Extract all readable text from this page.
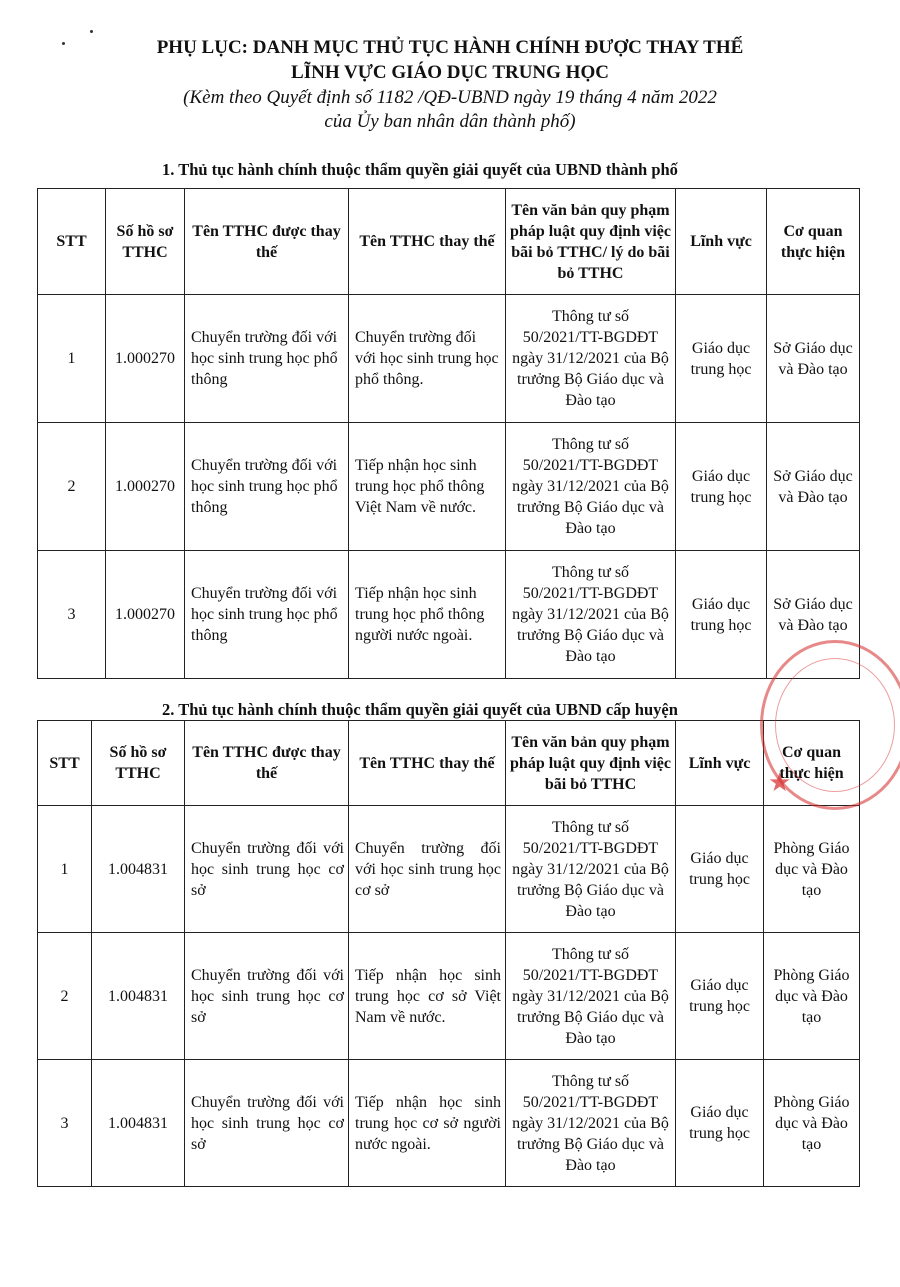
PHỤ LỤC: DANH MỤC THỦ TỤC HÀNH CHÍNH ĐƯỢC THAY THẾ
LĨNH VỰC GIÁO DỤC TRUNG HỌC
(Kèm theo Quyết định số 1182 /QĐ-UBND ngày 19 tháng 4 năm 2022
của Ủy ban nhân dân thành phố)
1. Thủ tục hành chính thuộc thẩm quyền giải quyết của UBND thành phố
STT	Số hồ sơ TTHC	Tên TTHC được thay thế	Tên TTHC thay thế	Tên văn bản quy phạm pháp luật quy định việc bãi bỏ TTHC/ lý do bãi bỏ TTHC	Lĩnh vực	Cơ quan thực hiện
1	1.000270	Chuyển trường đối với học sinh trung học phổ thông	Chuyển trường đối với học sinh trung học phổ thông.	Thông tư số 50/2021/TT-BGDĐT ngày 31/12/2021 của Bộ trưởng Bộ Giáo dục và Đào tạo	Giáo dục trung học	Sở Giáo dục và Đào tạo
2	1.000270	Chuyển trường đối với học sinh trung học phổ thông	Tiếp nhận học sinh trung học phổ thông Việt Nam về nước.	Thông tư số 50/2021/TT-BGDĐT ngày 31/12/2021 của Bộ trưởng Bộ Giáo dục và Đào tạo	Giáo dục trung học	Sở Giáo dục và Đào tạo
3	1.000270	Chuyển trường đối với học sinh trung học phổ thông	Tiếp nhận học sinh trung học phổ thông người nước ngoài.	Thông tư số 50/2021/TT-BGDĐT ngày 31/12/2021 của Bộ trưởng Bộ Giáo dục và Đào tạo	Giáo dục trung học	Sở Giáo dục và Đào tạo
2. Thủ tục hành chính thuộc thẩm quyền giải quyết của UBND cấp huyện
STT	Số hồ sơ TTHC	Tên TTHC được thay thế	Tên TTHC thay thế	Tên văn bản quy phạm pháp luật quy định việc bãi bỏ TTHC	Lĩnh vực	Cơ quan thực hiện
1	1.004831	Chuyển trường đối với học sinh trung học cơ sở	Chuyển trường đối với học sinh trung học cơ sở	Thông tư số 50/2021/TT-BGDĐT ngày 31/12/2021 của Bộ trưởng Bộ Giáo dục và Đào tạo	Giáo dục trung học	Phòng Giáo dục và Đào tạo
2	1.004831	Chuyển trường đối với học sinh trung học cơ sở	Tiếp nhận học sinh trung học cơ sở Việt Nam về nước.	Thông tư số 50/2021/TT-BGDĐT ngày 31/12/2021 của Bộ trưởng Bộ Giáo dục và Đào tạo	Giáo dục trung học	Phòng Giáo dục và Đào tạo
3	1.004831	Chuyển trường đối với học sinh trung học cơ sở	Tiếp nhận học sinh trung học cơ sở người nước ngoài.	Thông tư số 50/2021/TT-BGDĐT ngày 31/12/2021 của Bộ trưởng Bộ Giáo dục và Đào tạo	Giáo dục trung học	Phòng Giáo dục và Đào tạo
★
